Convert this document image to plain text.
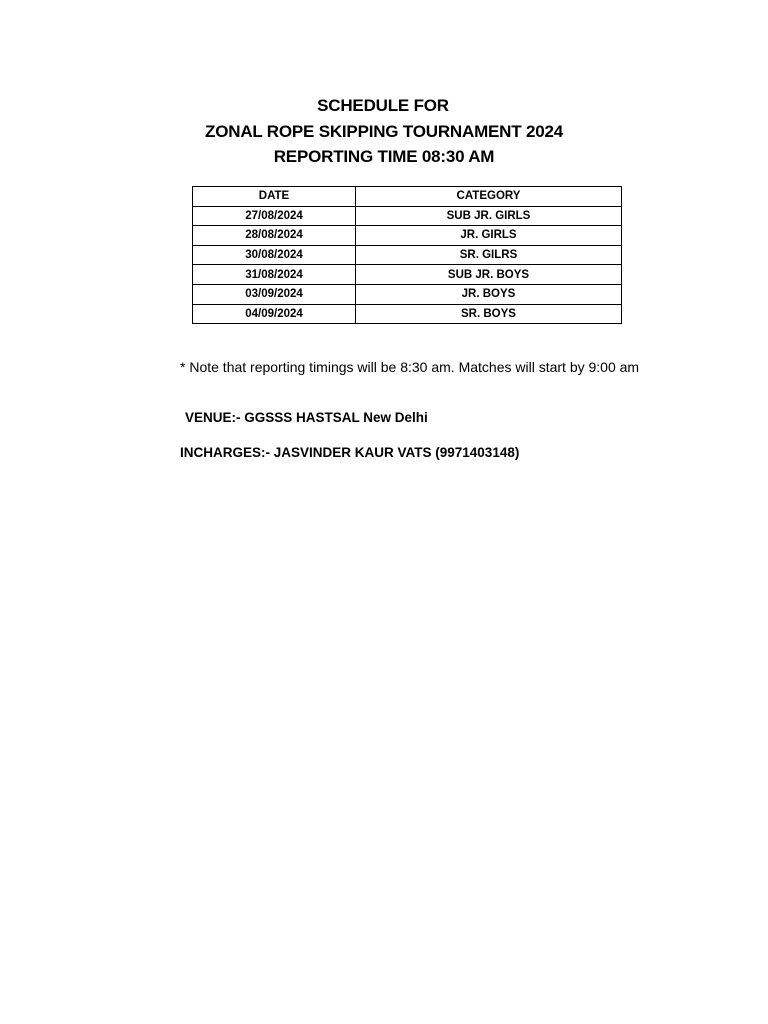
SCHEDULE FOR
ZONAL ROPE SKIPPING TOURNAMENT 2024
REPORTING TIME 08:30 AM
DATE	CATEGORY
27/08/2024	SUB JR. GIRLS
28/08/2024	JR. GIRLS
30/08/2024	SR. GILRS
31/08/2024	SUB JR. BOYS
03/09/2024	JR. BOYS
04/09/2024	SR. BOYS
* Note that reporting timings will be 8:30 am. Matches will start by 9:00 am
VENUE:- GGSSS HASTSAL New Delhi
INCHARGES:- JASVINDER KAUR VATS (9971403148)
